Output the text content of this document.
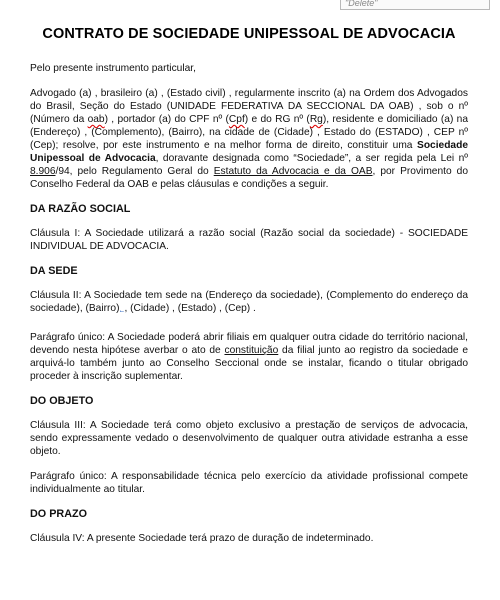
"Delete"
CONTRATO DE SOCIEDADE UNIPESSOAL DE ADVOCACIA

Pelo presente instrumento particular,

Advogado (a) , brasileiro (a) , (Estado civil) , regularmente inscrito (a) na Ordem dos Advogados do Brasil, Seção do Estado (UNIDADE FEDERATIVA DA SECCIONAL DA OAB) , sob o nº (Número da oab) , portador (a) do CPF nº (Cpf) e do RG nº (Rg), residente e domiciliado (a) na (Endereço) , (Complemento), (Bairro), na cidade de (Cidade) , Estado do (ESTADO) , CEP nº (Cep); resolve, por este instrumento e na melhor forma de direito, constituir uma Sociedade Unipessoal de Advocacia, doravante designada como “Sociedade”, a ser regida pela Lei nº 8.906/94, pelo Regulamento Geral do Estatuto da Advocacia e da OAB, por Provimento do Conselho Federal da OAB e pelas cláusulas e condições a seguir.

DA RAZÃO SOCIAL

Cláusula I: A Sociedade utilizará a razão social (Razão social da sociedade) - SOCIEDADE INDIVIDUAL DE ADVOCACIA.

DA SEDE

Cláusula II: A Sociedade tem sede na (Endereço da sociedade), (Complemento do endereço da sociedade), (Bairro)⌙, (Cidade) , (Estado) , (Cep) .

Parágrafo único: A Sociedade poderá abrir filiais em qualquer outra cidade do território nacional, devendo nesta hipótese averbar o ato de constituição da filial junto ao registro da sociedade e arquivá-lo também junto ao Conselho Seccional onde se instalar, ficando o titular obrigado proceder à inscrição suplementar.

DO OBJETO

Cláusula III: A Sociedade terá como objeto exclusivo a prestação de serviços de advocacia, sendo expressamente vedado o desenvolvimento de qualquer outra atividade estranha a esse objeto.

Parágrafo único: A responsabilidade técnica pelo exercício da atividade profissional compete individualmente ao titular.

DO PRAZO

Cláusula IV: A presente Sociedade terá prazo de duração de indeterminado.
